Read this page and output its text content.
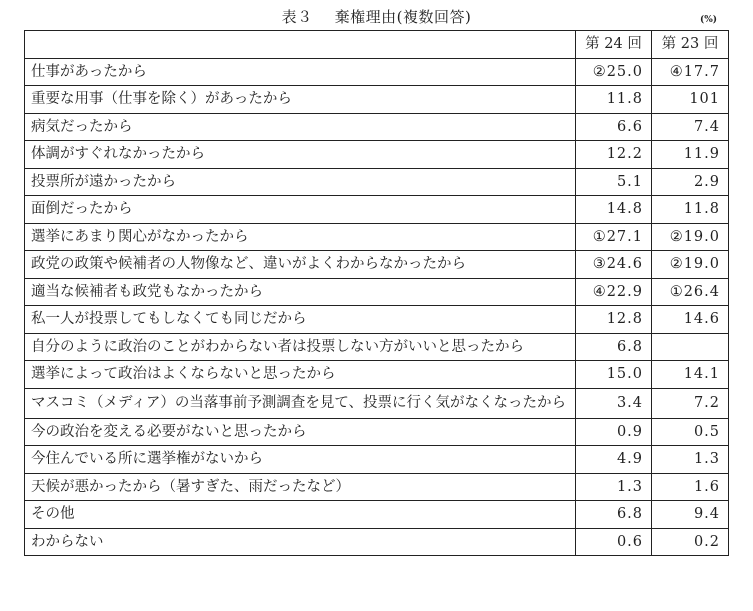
表３ 棄権理由(複数回答)	(%)
	第 24 回	第 23 回
仕事があったから	②25.0	④17.7
重要な用事（仕事を除く）があったから	11.8	101
病気だったから	6.6	7.4
体調がすぐれなかったから	12.2	11.9
投票所が遠かったから	5.1	2.9
面倒だったから	14.8	11.8
選挙にあまり関心がなかったから	①27.1	②19.0
政党の政策や候補者の人物像など、違いがよくわからなかったから	③24.6	②19.0
適当な候補者も政党もなかったから	④22.9	①26.4
私一人が投票してもしなくても同じだから	12.8	14.6
自分のように政治のことがわからない者は投票しない方がいいと思ったから	6.8	
選挙によって政治はよくならないと思ったから	15.0	14.1
マスコミ（メディア）の当落事前予測調査を見て、投票に行く気がなくなったから	3.4	7.2
今の政治を変える必要がないと思ったから	0.9	0.5
今住んでいる所に選挙権がないから	4.9	1.3
天候が悪かったから（暑すぎた、雨だったなど）	1.3	1.6
その他	6.8	9.4
わからない	0.6	0.2
